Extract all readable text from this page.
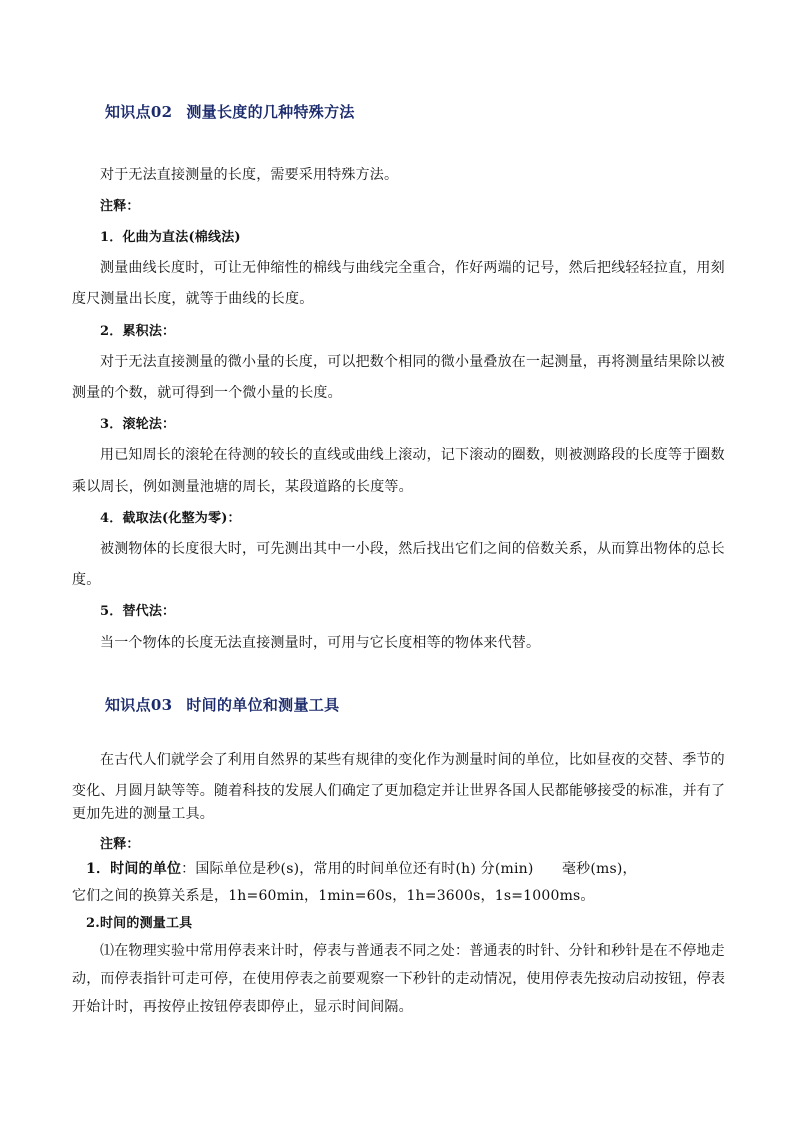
知识点02 测量长度的几种特殊方法
对于无法直接测量的长度，需要采用特殊方法。
注释：
1．化曲为直法(棉线法)
测量曲线长度时，可让无伸缩性的棉线与曲线完全重合，作好两端的记号，然后把线轻轻拉直，用刻
度尺测量出长度，就等于曲线的长度。
2．累积法：
对于无法直接测量的微小量的长度，可以把数个相同的微小量叠放在一起测量，再将测量结果除以被
测量的个数，就可得到一个微小量的长度。
3．滚轮法：
用已知周长的滚轮在待测的较长的直线或曲线上滚动，记下滚动的圈数，则被测路段的长度等于圈数
乘以周长，例如测量池塘的周长，某段道路的长度等。
4．截取法(化整为零)：
被测物体的长度很大时，可先测出其中一小段，然后找出它们之间的倍数关系，从而算出物体的总长
度。
5．替代法：
当一个物体的长度无法直接测量时，可用与它长度相等的物体来代替。
知识点03 时间的单位和测量工具
在古代人们就学会了利用自然界的某些有规律的变化作为测量时间的单位，比如昼夜的交替、季节的
变化、月圆月缺等等。随着科技的发展人们确定了更加稳定并让世界各国人民都能够接受的标准，并有了
更加先进的测量工具。
注释：
1．时间的单位：国际单位是秒(s)，常用的时间单位还有时(h) 分(min)　　毫秒(ms)，
它们之间的换算关系是，1h=60min，1min=60s，1h=3600s，1s=1000ms。
2.时间的测量工具
⑴在物理实验中常用停表来计时，停表与普通表不同之处：普通表的时针、分针和秒针是在不停地走
动，而停表指针可走可停，在使用停表之前要观察一下秒针的走动情况，使用停表先按动启动按钮，停表
开始计时，再按停止按钮停表即停止，显示时间间隔。
